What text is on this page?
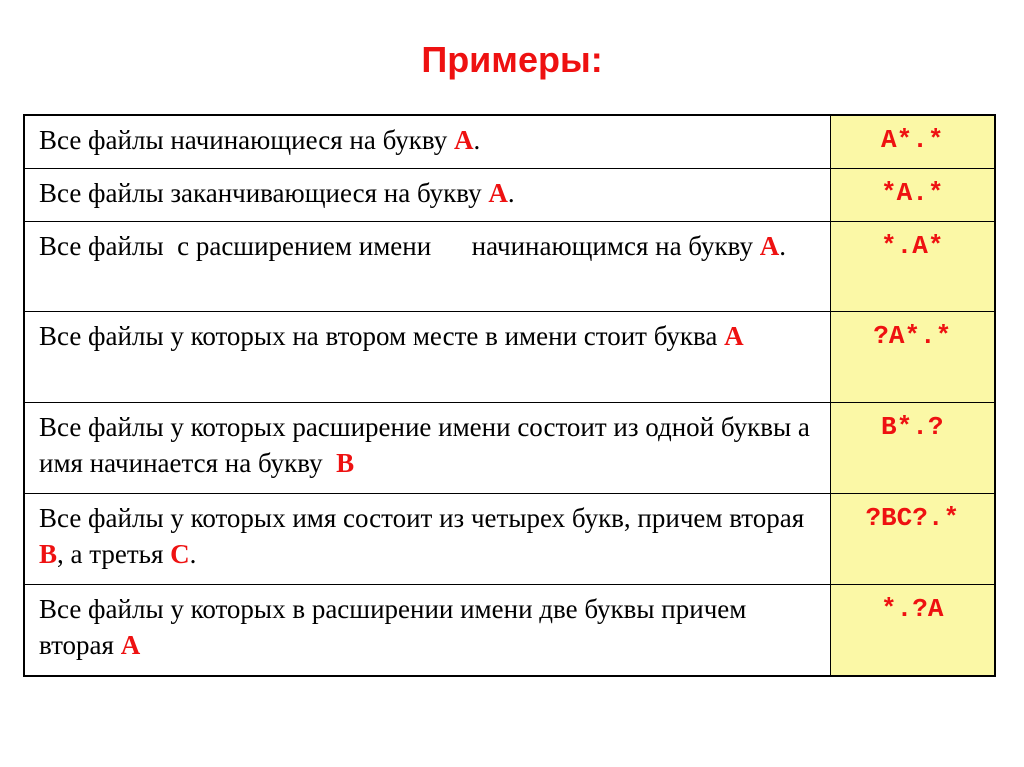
Примеры:
Все файлы начинающиеся на букву А.	A*.*
Все файлы заканчивающиеся на букву А.	*A.*
Все файлы  с расширением имени      начинающимся на букву А.	*.A*
Все файлы у которых на втором месте в имени стоит буква А	?A*.*
Все файлы у которых расширение имени состоит из одной буквы а имя начинается на букву  В	B*.?
Все файлы у которых имя состоит из четырех букв, причем вторая В, а третья С.	?BC?.*
Все файлы у которых в расширении имени две буквы причем вторая А	*.?A
